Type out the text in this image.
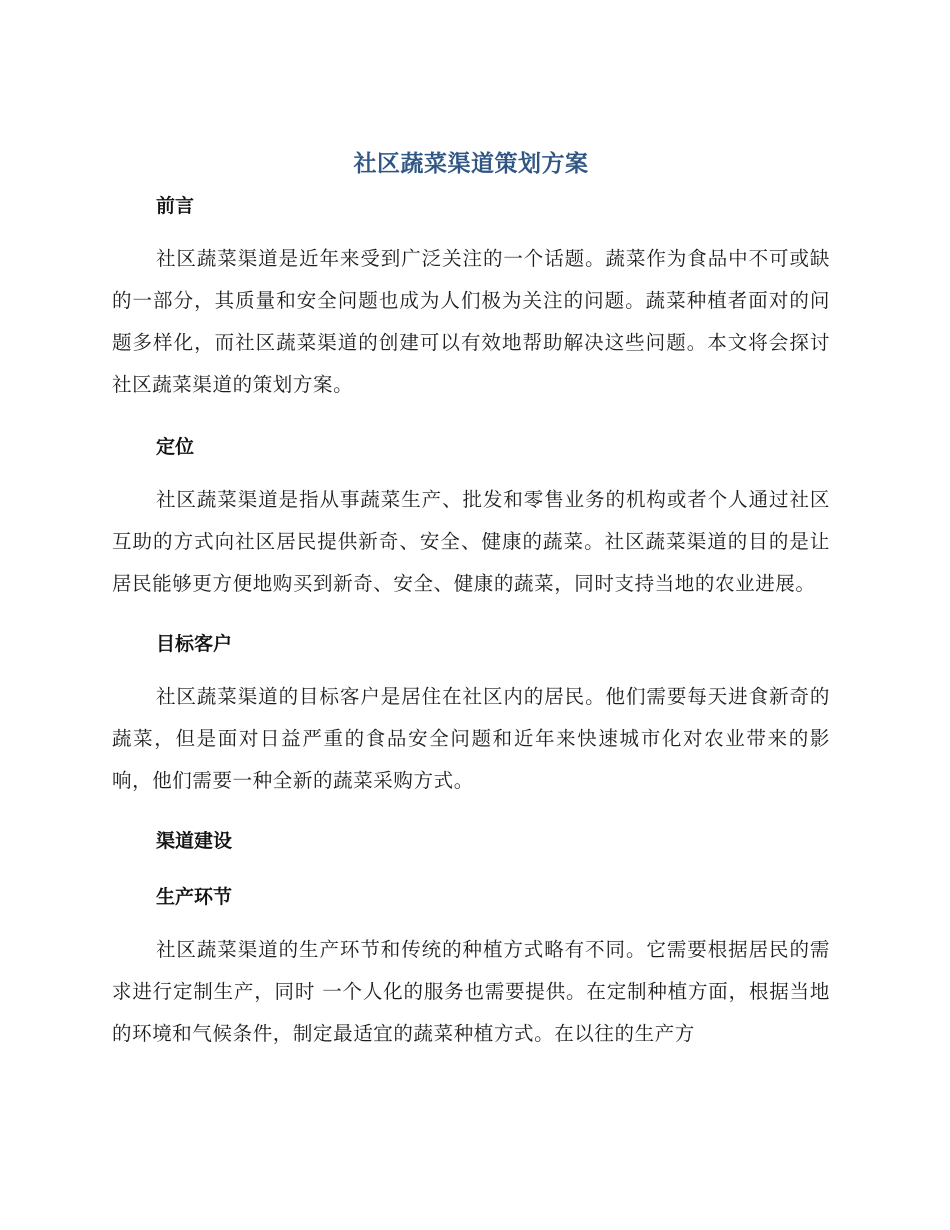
社区蔬菜渠道策划方案
前言

社区蔬菜渠道是近年来受到广泛关注的一个话题。蔬菜作为食品中不可或缺的一部分，其质量和安全问题也成为人们极为关注的问题。蔬菜种植者面对的问题多样化，而社区蔬菜渠道的创建可以有效地帮助解决这些问题。本文将会探讨社区蔬菜渠道的策划方案。

定位

社区蔬菜渠道是指从事蔬菜生产、批发和零售业务的机构或者个人通过社区互助的方式向社区居民提供新奇、安全、健康的蔬菜。社区蔬菜渠道的目的是让居民能够更方便地购买到新奇、安全、健康的蔬菜，同时支持当地的农业进展。

目标客户

社区蔬菜渠道的目标客户是居住在社区内的居民。他们需要每天进食新奇的蔬菜，但是面对日益严重的食品安全问题和近年来快速城市化对农业带来的影响，他们需要一种全新的蔬菜采购方式。

渠道建设
生产环节

社区蔬菜渠道的生产环节和传统的种植方式略有不同。它需要根据居民的需求进行定制生产，同时 一个人化的服务也需要提供。在定制种植方面，根据当地的环境和气候条件，制定最适宜的蔬菜种植方式。在以往的生产方
